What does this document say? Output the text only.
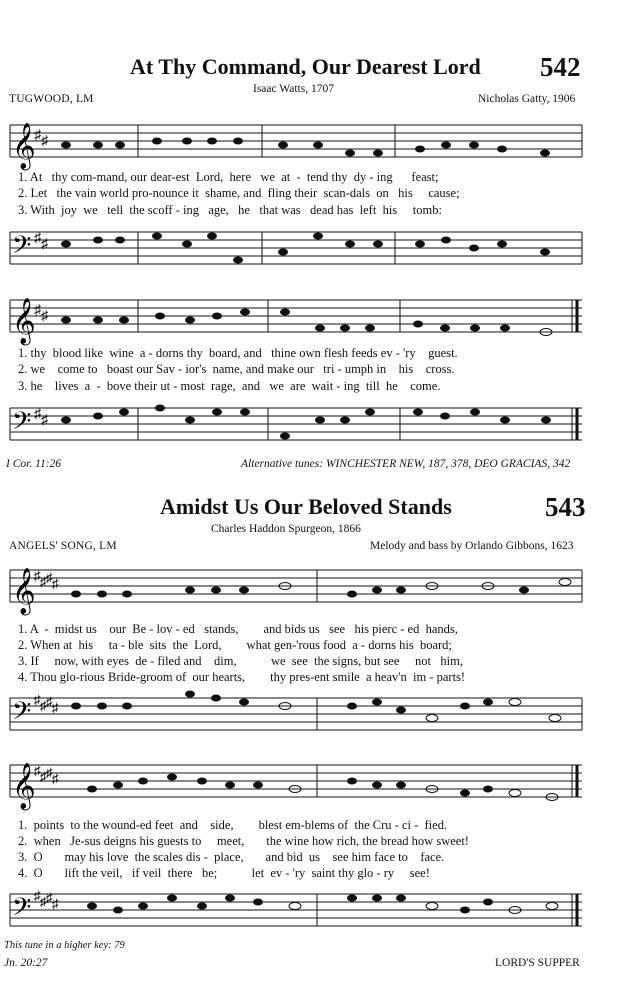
At Thy Command, Our Dearest Lord 542
Isaac Watts, 1707
TUGWOOD, LM	Nicholas Gatty, 1906
𝄞
♯ ♯
1. At   thy com-mand, our dear-est  Lord,  here   we  at  -  tend thy  dy - ing      feast;
2. Let   the vain world pro-nounce it  shame, and  fling their  scan-dals  on   his     cause;
3. With  joy  we   tell  the scoff - ing   age,   he   that was   dead has  left  his     tomb:
𝄢 ♯ ♯
𝄞
♯ ♯
1. thy  blood like  wine  a - dorns thy  board, and   thine own flesh feeds ev - 'ry    guest.
2. we    come to   boast our Sav - ior's  name, and make our   tri - umph in    his    cross.
3. he    lives  a  -  bove their ut - most  rage,  and   we  are  wait - ing  till  he    come.
𝄢 ♯ ♯
I Cor. 11:26	Alternative tunes: WINCHESTER NEW, 187, 378, DEO GRACIAS, 342
Amidst Us Our Beloved Stands	543
Charles Haddon Spurgeon, 1866
ANGELS' SONG, LM	Melody and bass by Orlando Gibbons, 1623
𝄞
♯ ♯ ♯ ♯
1. A  -  midst us    our  Be - lov - ed   stands,        and bids us   see   his pierc - ed  hands,
2. When at  his     ta - ble  sits  the  Lord,        what gen-'rous food  a - dorns his  board;
3. If     now, with eyes  de - filed and    dim,           we  see  the signs, but see     not   him,
4. Thou glo-rious Bride-groom of  our hearts,        thy pres-ent smile  a heav'n  im - parts!
𝄢 ♯ ♯ ♯ ♯
𝄞
♯ ♯ ♯ ♯
1.  points  to the wound-ed feet  and    side,        blest em-blems of  the Cru - ci -  fied.
2.  when   Je-sus deigns his guests to     meet,       the wine how rich, the bread how sweet!
3.  O       may his love  the scales dis -  place,       and bid  us    see him face to    face.
4.  O       lift the veil,   if veil  there   be;           let  ev - 'ry  saint thy glo - ry     see!
𝄢 ♯ ♯ ♯ ♯
This tune in a higher key: 79
Jn. 20:27	LORD'S SUPPER
